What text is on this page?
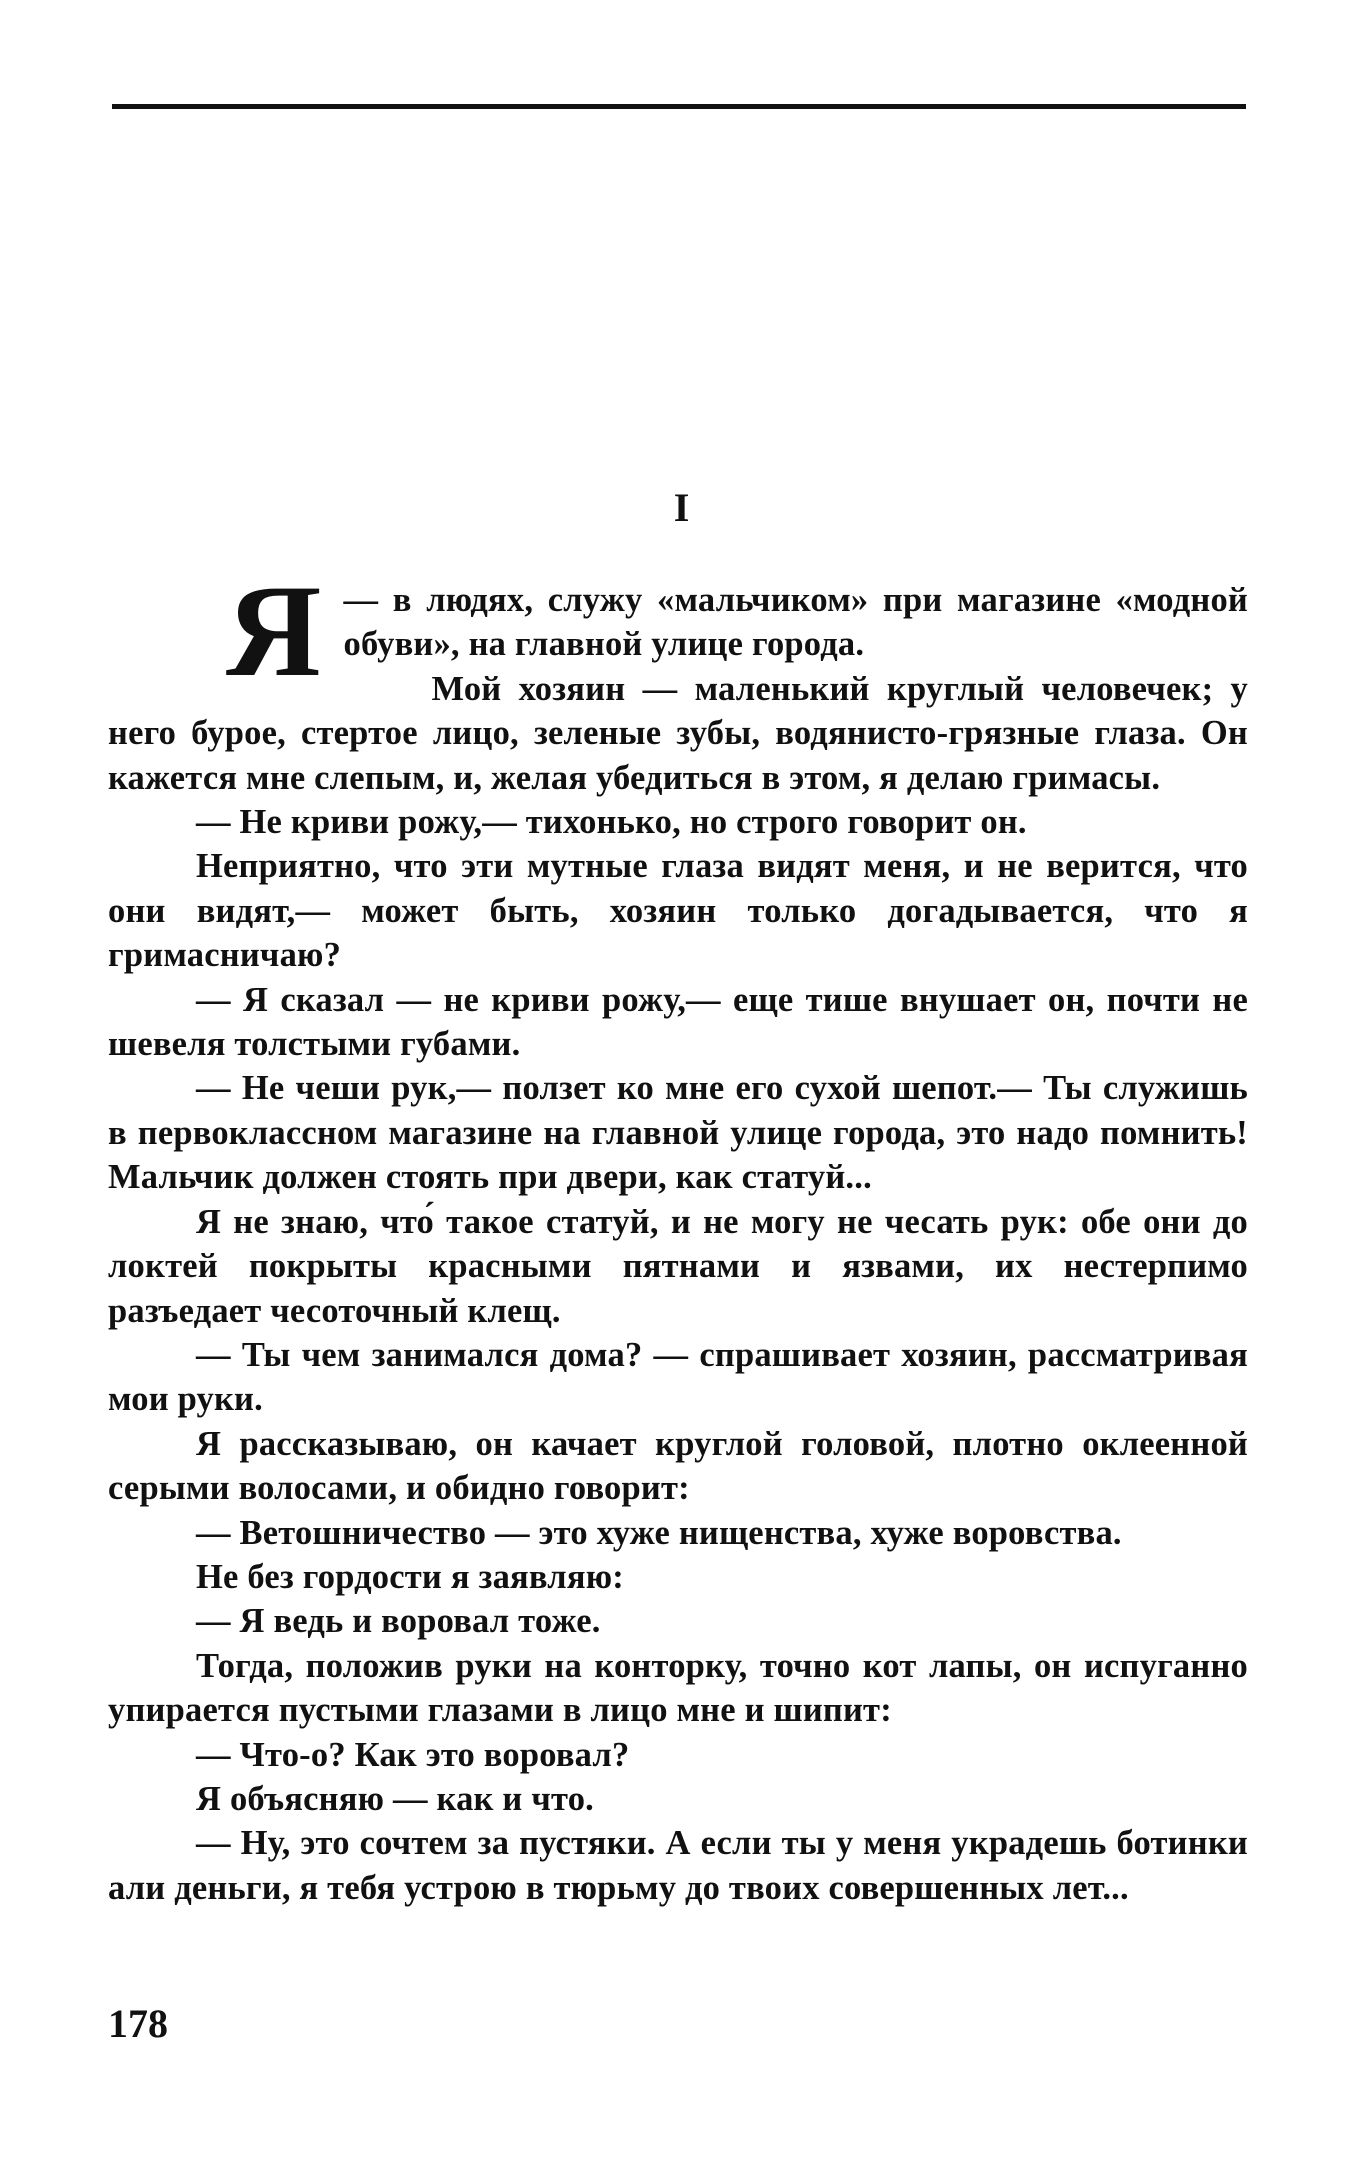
I

Я — в людях, служу «мальчиком» при магазине «модной обуви», на главной улице города.

Мой хозяин — маленький круглый человечек; у него бурое, стертое лицо, зеленые зубы, водянисто-грязные глаза. Он кажется мне слепым, и, желая убедиться в этом, я делаю гримасы.

— Не криви рожу,— тихонько, но строго говорит он.

Неприятно, что эти мутные глаза видят меня, и не верится, что они видят,— может быть, хозяин только догадывается, что я гримасничаю?

— Я сказал — не криви рожу,— еще тише внушает он, почти не шевеля толстыми губами.

— Не чеши рук,— ползет ко мне его сухой шепот.— Ты служишь в первоклассном магазине на главной улице города, это надо помнить! Мальчик должен стоять при двери, как статуй...

Я не знаю, что́ такое статуй, и не могу не чесать рук: обе они до локтей покрыты красными пятнами и язвами, их нестерпимо разъедает чесоточный клещ.

— Ты чем занимался дома? — спрашивает хозяин, рассматривая мои руки.

Я рассказываю, он качает круглой головой, плотно оклеенной серыми волосами, и обидно говорит:

— Ветошничество — это хуже нищенства, хуже воровства.

Не без гордости я заявляю:

— Я ведь и воровал тоже.

Тогда, положив руки на конторку, точно кот лапы, он испуганно упирается пустыми глазами в лицо мне и шипит:

— Что-о? Как это воровал?

Я объясняю — как и что.

— Ну, это сочтем за пустяки. А если ты у меня украдешь ботинки али деньги, я тебя устрою в тюрьму до твоих совершенных лет...

178
